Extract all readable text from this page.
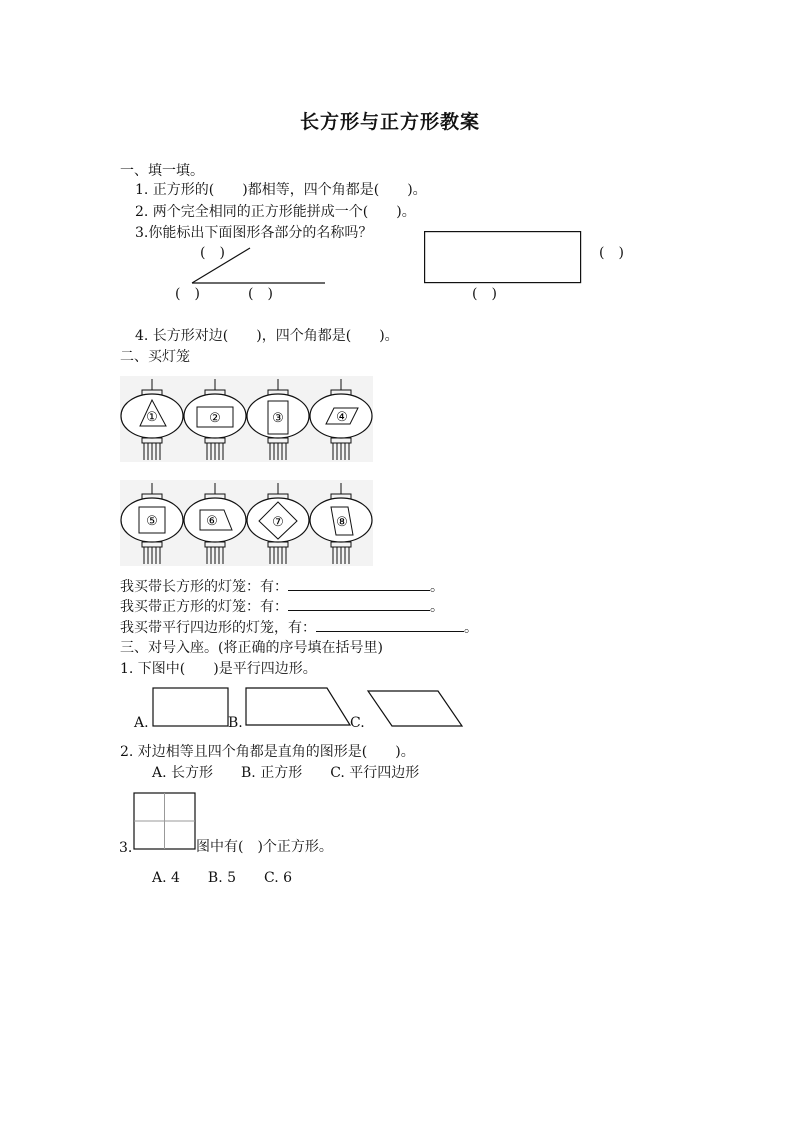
长方形与正方形教案
一、填一填。
1. 正方形的(　　)都相等，四个角都是(　　)。
2. 两个完全相同的正方形能拼成一个(　　)。
3.你能标出下面图形各部分的名称吗？
(　)
(　)	(　)
(　)
(　)
4. 长方形对边(　　)，四个角都是(　　)。
二、买灯笼
①	②	③	④
⑤	⑥	⑦	⑧
我买带长方形的灯笼：有：	。
我买带正方形的灯笼：有：	。
我买带平行四边形的灯笼，有：	。
三、对号入座。(将正确的序号填在括号里)
1. 下图中(　　)是平行四边形。
A.	B.	C.
2. 对边相等且四个角都是直角的图形是(　　)。
A. 长方形　　B. 正方形　　C. 平行四边形
3.	图中有(　)个正方形。
A. 4　　B. 5　　C. 6
